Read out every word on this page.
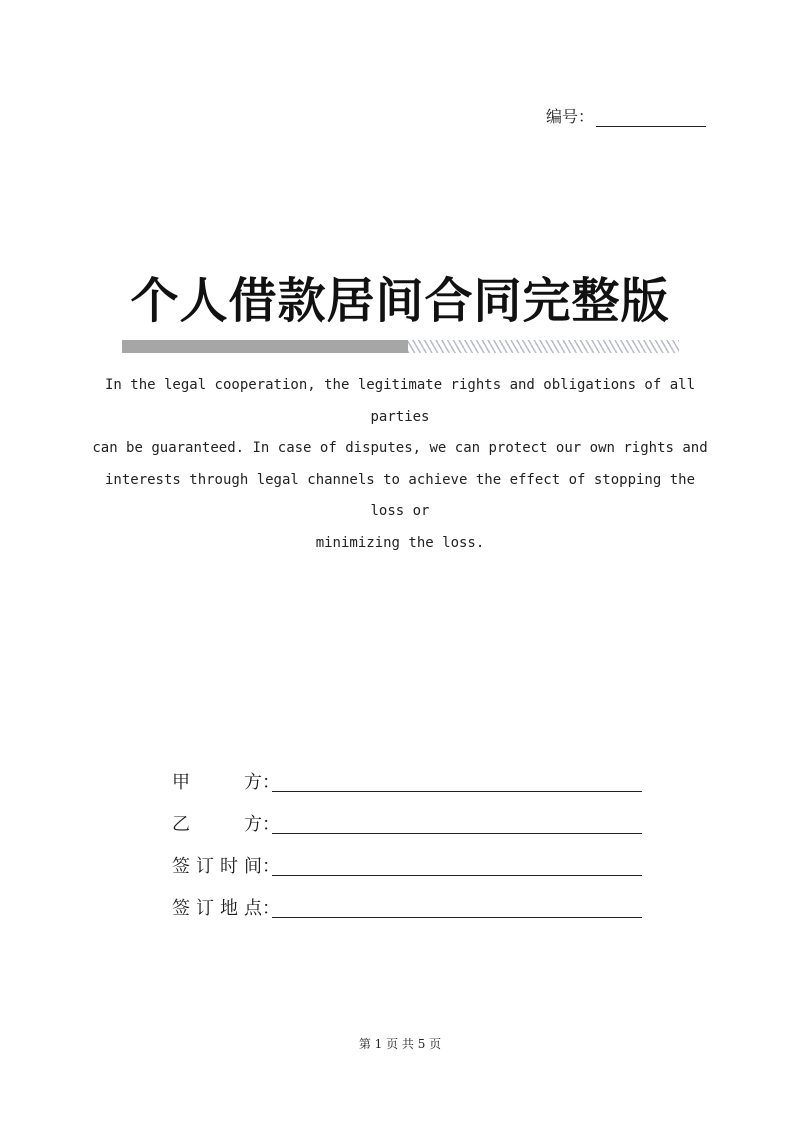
编号：
个人借款居间合同完整版
In the legal cooperation, the legitimate rights and obligations of all parties
can be guaranteed. In case of disputes, we can protect our own rights and
interests through legal channels to achieve the effect of stopping the loss or
minimizing the loss.
甲　　方 ：
乙　　方 ：
签订时间 ：
签订地点 ：
第 1 页 共 5 页
